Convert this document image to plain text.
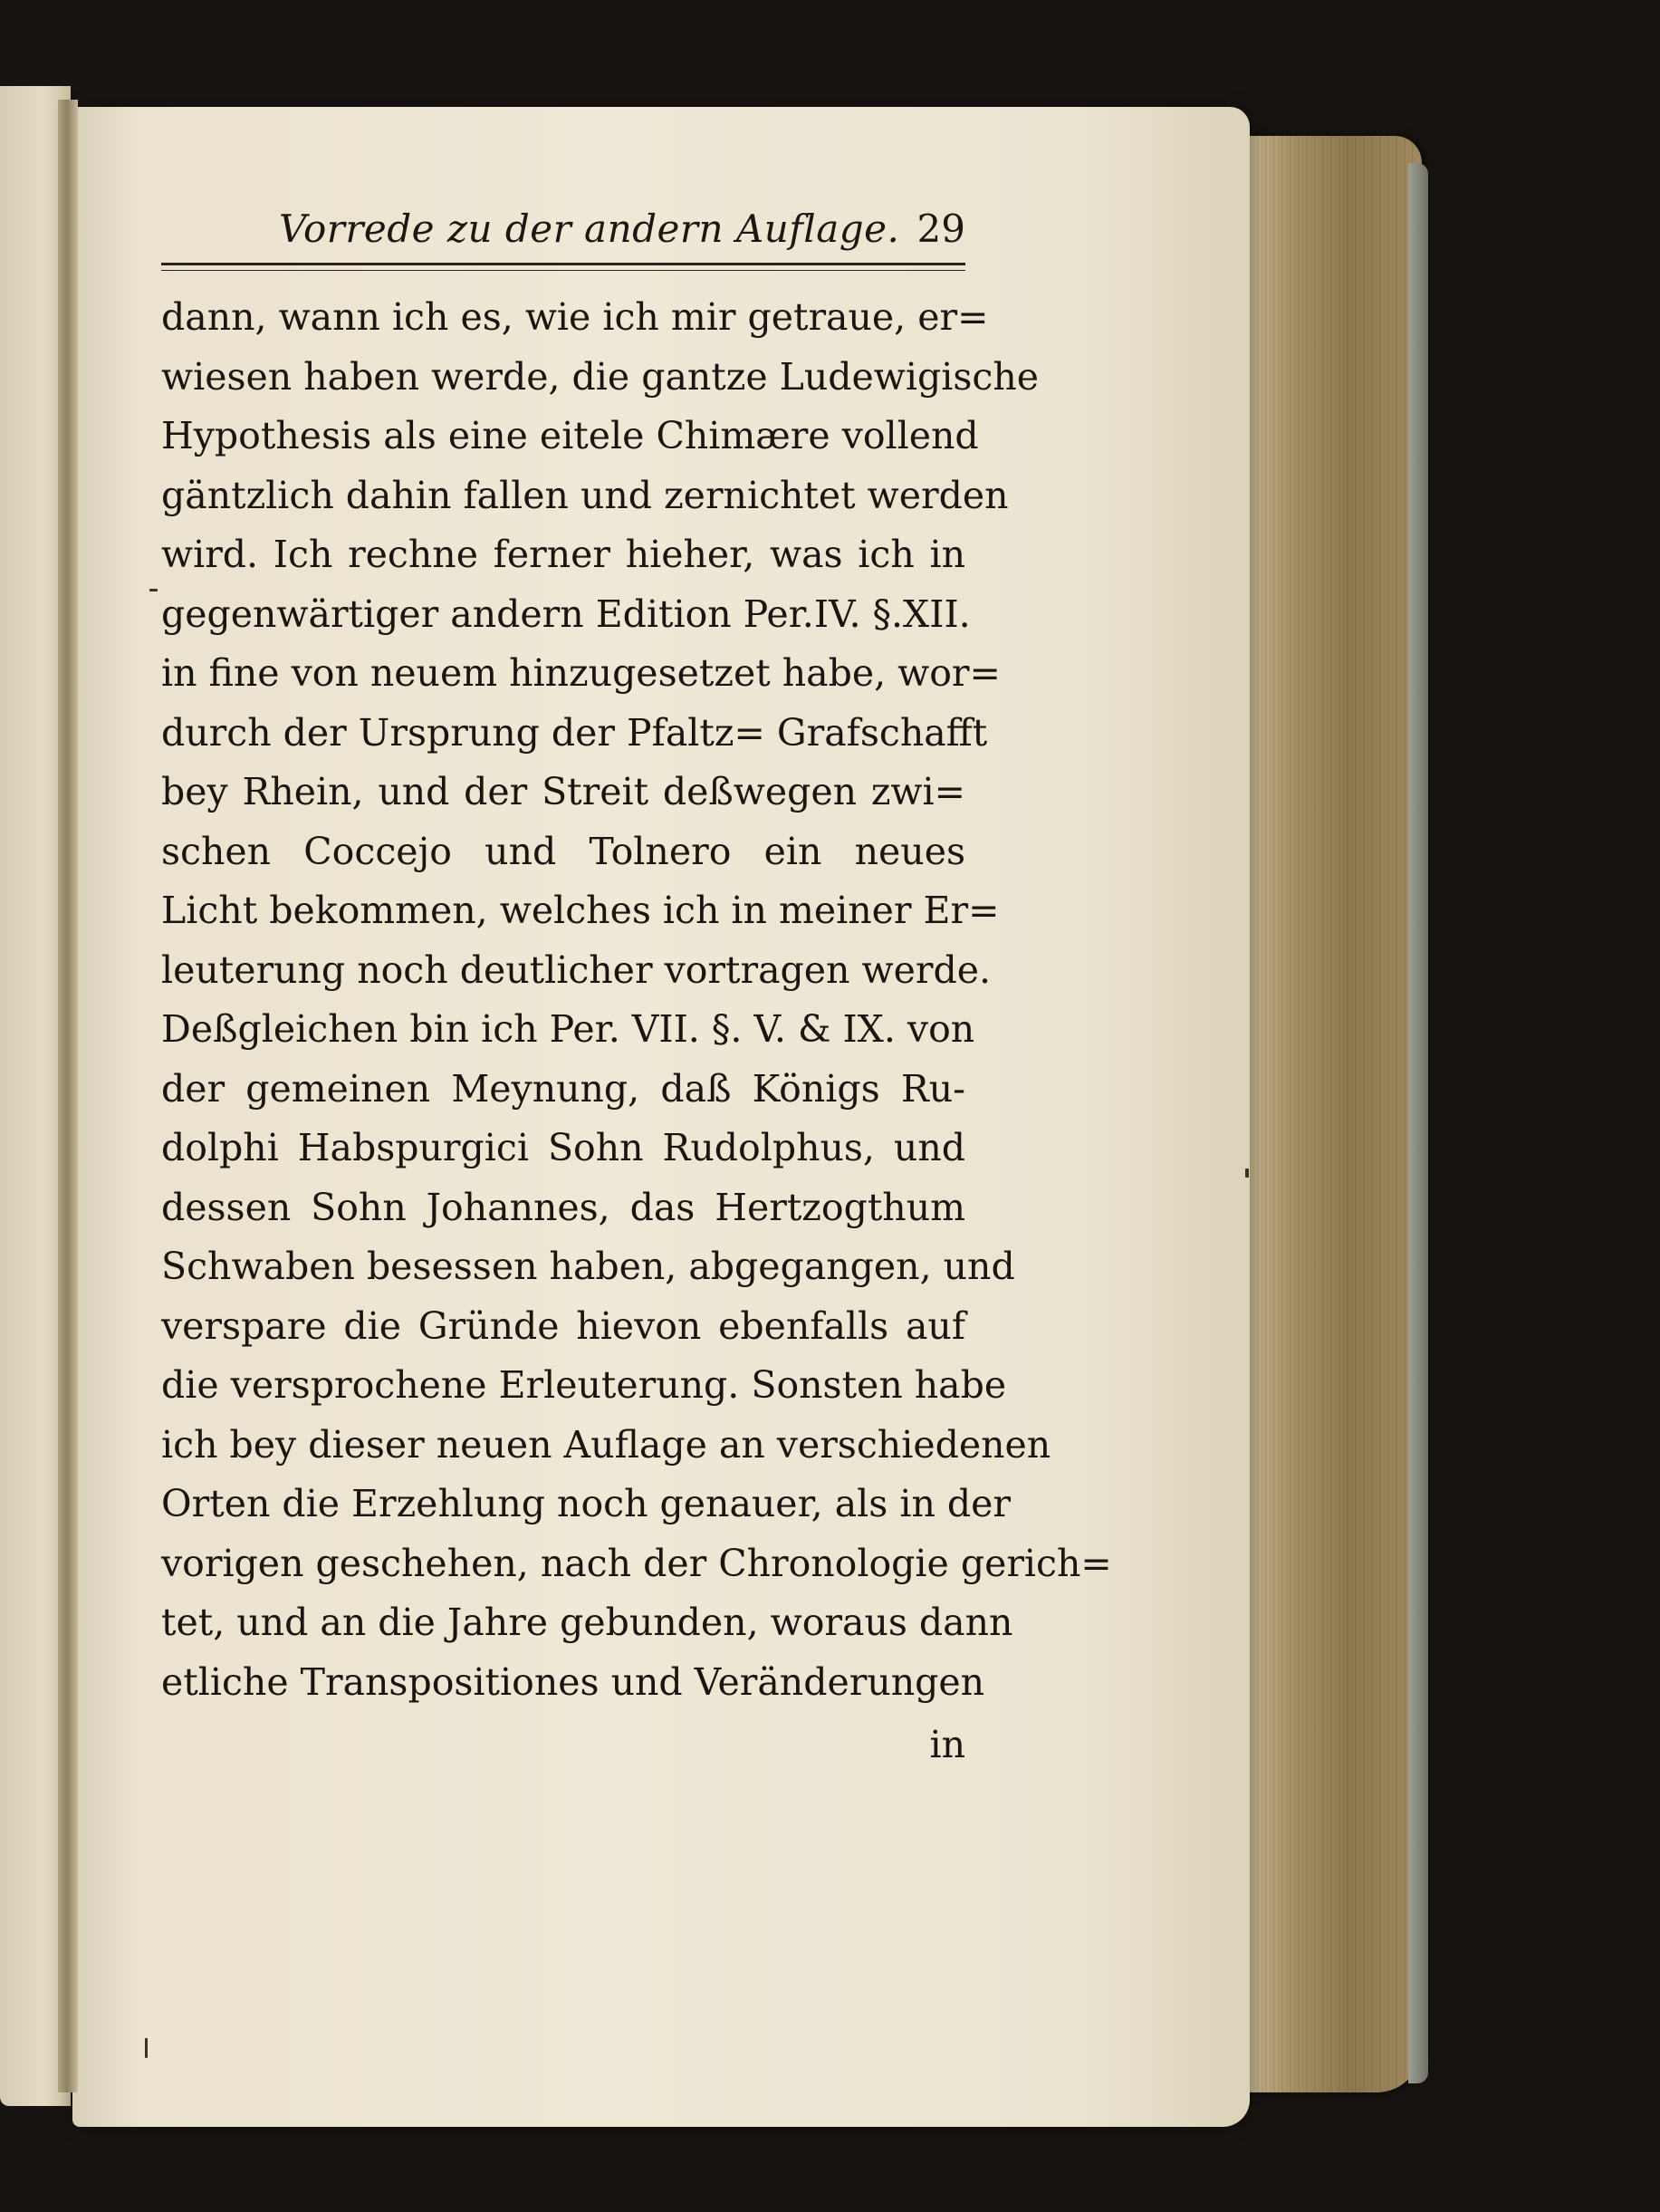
Vorrede zu der andern Auflage. 29
dann, wann ich es, wie ich mir getraue, er=
wiesen haben werde, die gantze Ludewigische
Hypothesis als eine eitele Chimære vollend
gäntzlich dahin fallen und zernichtet werden
wird. Ich rechne ferner hieher, was ich in
gegenwärtiger andern Edition Per.IV. §.XII.
in fine von neuem hinzugesetzet habe, wor=
durch der Ursprung der Pfaltz= Grafschafft
bey Rhein, und der Streit deßwegen zwi=
schen Coccejo und Tolnero ein neues
Licht bekommen, welches ich in meiner Er=
leuterung noch deutlicher vortragen werde.
Deßgleichen bin ich Per. VII. §. V. & IX. von
der gemeinen Meynung, daß Königs Ru-
dolphi Habspurgici Sohn Rudolphus, und
dessen Sohn Johannes, das Hertzogthum
Schwaben besessen haben, abgegangen, und
verspare die Gründe hievon ebenfalls auf
die versprochene Erleuterung. Sonsten habe
ich bey dieser neuen Auflage an verschiedenen
Orten die Erzehlung noch genauer, als in der
vorigen geschehen, nach der Chronologie gerich=
tet, und an die Jahre gebunden, woraus dann
etliche Transpositiones und Veränderungen
in
